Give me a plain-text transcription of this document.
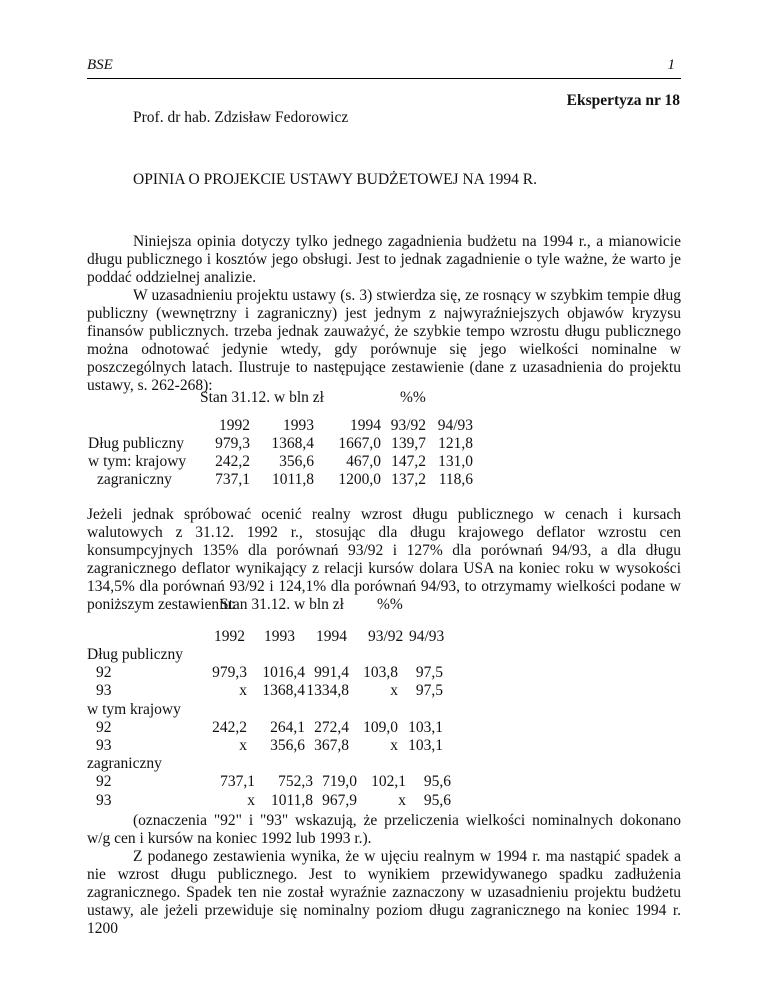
BSE	1
Ekspertyza nr 18
Prof. dr hab. Zdzisław Fedorowicz
OPINIA O PROJEKCIE USTAWY BUDŻETOWEJ NA 1994 R.

Niniejsza opinia dotyczy tylko jednego zagadnienia budżetu na 1994 r., a mianowicie długu publicznego i kosztów jego obsługi. Jest to jednak zagadnienie o tyle ważne, że warto je poddać oddzielnej analizie.

W uzasadnieniu projektu ustawy (s. 3) stwierdza się, ze rosnący w szybkim tempie dług publiczny (wewnętrzny i zagraniczny) jest jednym z najwyraźniejszych objawów kryzysu finansów publicznych. trzeba jednak zauważyć, że szybkie tempo wzrostu długu publicznego można odnotować jedynie wtedy, gdy porównuje się jego wielkości nominalne w poszczególnych latach. Ilustruje to następujące zestawienie (dane z uzasadnienia do projektu ustawy, s. 262-268):

Stan 31.12. w bln zł	%%
1992	1993	1994 93/92 94/93
Dług publiczny	979,3	1368,4	1667,0 139,7 121,8
w tym: krajowy	242,2	356,6	467,0 147,2 131,0
zagraniczny	737,1	1011,8	1200,0 137,2 118,6

Jeżeli jednak spróbować ocenić realny wzrost długu publicznego w cenach i kursach walutowych z 31.12. 1992 r., stosując dla długu krajowego deflator wzrostu cen konsumpcyjnych 135% dla porównań 93/92 i 127% dla porównań 94/93, a dla długu zagranicznego deflator wynikający z relacji kursów dolara USA na koniec roku w wysokości 134,5% dla porównań 93/92 i 124,1% dla porównań 94/93, to otrzymamy wielkości podane w poniższym zestawieniu:

Stan 31.12. w bln zł %%
1992 1993 1994 93/92 94/93
Dług publiczny
92	979,3 1016,4 991,4 103,8	97,5
93	x 1368,4 1334,8	x	97,5
w tym krajowy
92	242,2	264,1 272,4 109,0 103,1
93	x	356,6 367,8	x 103,1
zagraniczny
92	737,1	752,3 719,0 102,1	95,6
93	x	1011,8 967,9	x	95,6

(oznaczenia "92" i "93" wskazują, że przeliczenia wielkości nominalnych dokonano w/g cen i kursów na koniec 1992 lub 1993 r.).

Z podanego zestawienia wynika, że w ujęciu realnym w 1994 r. ma nastąpić spadek a nie wzrost długu publicznego. Jest to wynikiem przewidywanego spadku zadłużenia zagranicznego. Spadek ten nie został wyraźnie zaznaczony w uzasadnieniu projektu budżetu ustawy, ale jeżeli przewiduje się nominalny poziom długu zagranicznego na koniec 1994 r. 1200
